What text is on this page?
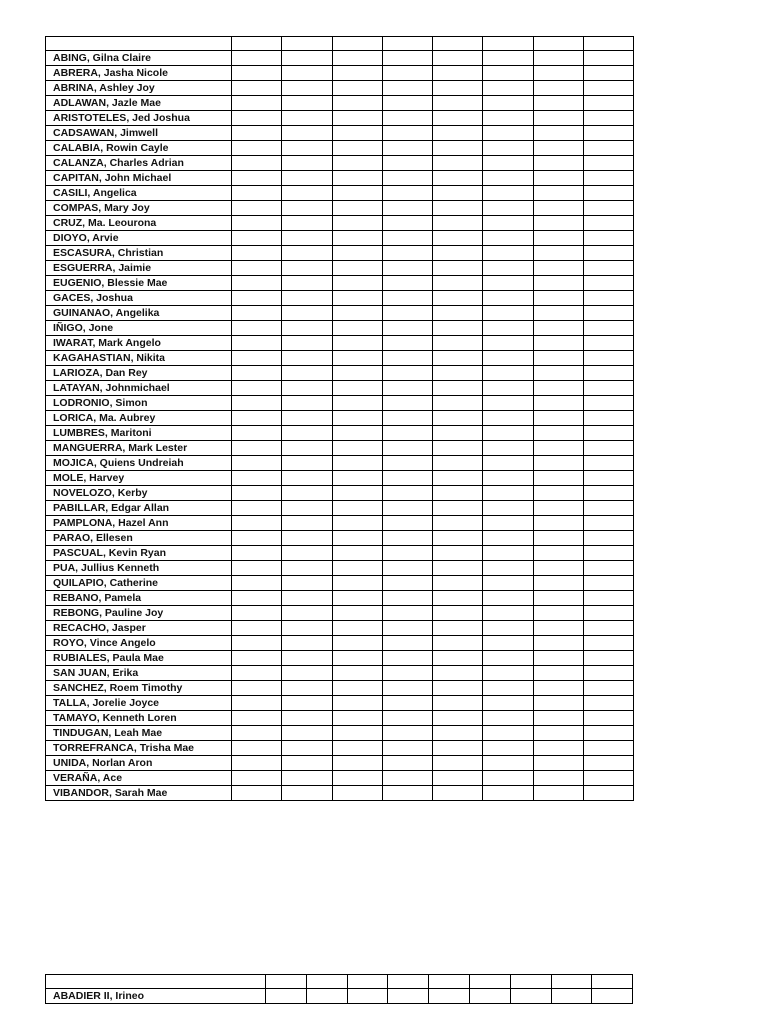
ABING, Gilna Claire								
ABRERA, Jasha Nicole								
ABRINA, Ashley Joy								
ADLAWAN, Jazle Mae								
ARISTOTELES, Jed Joshua								
CADSAWAN, Jimwell								
CALABIA, Rowin Cayle								
CALANZA, Charles Adrian								
CAPITAN, John Michael								
CASILI, Angelica								
COMPAS, Mary Joy								
CRUZ, Ma. Leourona								
DIOYO, Arvie								
ESCASURA, Christian								
ESGUERRA, Jaimie								
EUGENIO, Blessie Mae								
GACES, Joshua								
GUINANAO, Angelika								
IÑIGO, Jone								
IWARAT, Mark Angelo								
KAGAHASTIAN, Nikita								
LARIOZA, Dan Rey								
LATAYAN, Johnmichael								
LODRONIO, Simon								
LORICA, Ma. Aubrey								
LUMBRES, Maritoni								
MANGUERRA, Mark Lester								
MOJICA, Quiens Undreiah								
MOLE, Harvey								
NOVELOZO, Kerby								
PABILLAR, Edgar Allan								
PAMPLONA, Hazel Ann								
PARAO, Ellesen								
PASCUAL, Kevin Ryan								
PUA, Jullius Kenneth								
QUILAPIO, Catherine								
REBANO, Pamela								
REBONG, Pauline Joy								
RECACHO, Jasper								
ROYO, Vince Angelo								
RUBIALES, Paula Mae								
SAN JUAN, Erika								
SANCHEZ, Roem Timothy								
TALLA, Jorelie Joyce								
TAMAYO, Kenneth Loren								
TINDUGAN, Leah Mae								
TORREFRANCA, Trisha Mae								
UNIDA, Norlan Aron								
VERAÑA, Ace								
VIBANDOR, Sarah Mae								

ABADIER II, Irineo									
